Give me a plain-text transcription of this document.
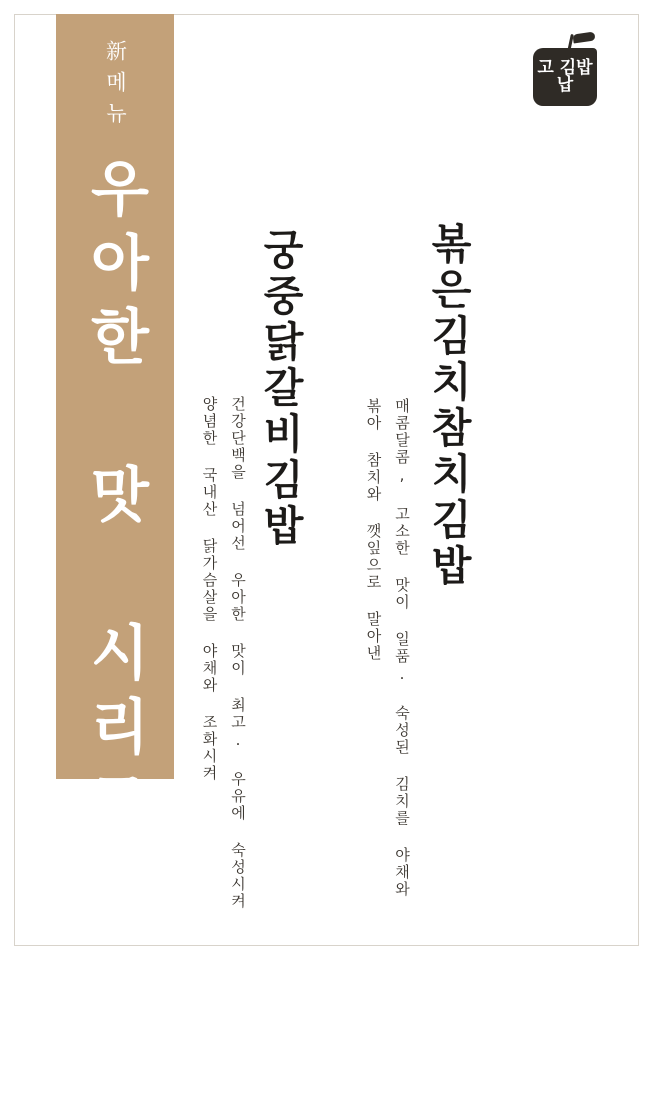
新메뉴
우아한 맛 시리즈
김밥 2종 출시
고 김밥 납
볶은김치참치김밥
매콤달콤, 고소한 맛이 일품. 숙성된 김치를 야채와 볶아 참치와 깻잎으로 말아낸
궁중닭갈비김밥
건강단백을 넘어선 우아한 맛이 최고. 우유에 숙성시켜 양념한 국내산 닭가슴살을 야채와 조화시켜
